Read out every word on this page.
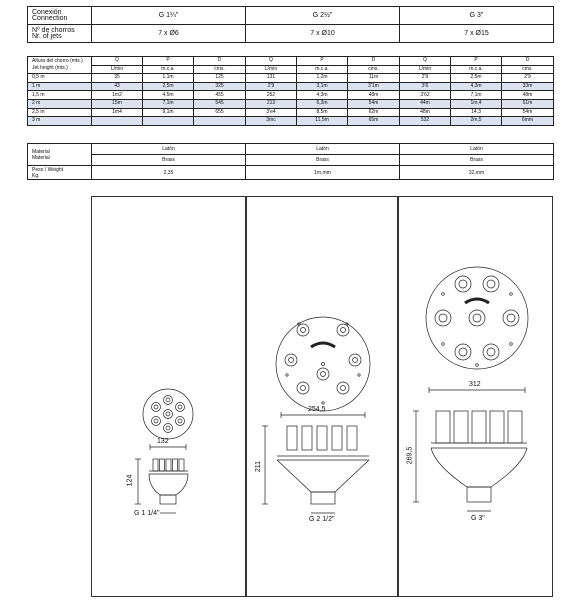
Conexión
Connection	G 1¼"	G 2½"	G 3"
Nº de chorros
Nr. of jets	7 x Ø6	7 x Ø10	7 x Ø15
Altura del chorro (mts.)
Jet height (mts.)	Q	P	D	Q	P	D	Q	P	D
	L/min	m.c.a.	cms.	L/min	m.c.a.	cms.	L/min	m.c.a.	cms.
0,5 m	35	1,1m	125	131	1,2m	11m	2'9	2,5m	2'9
1 m	43	2,5m	325	2'9	3,1m	3'1m	3'6	4,3m	33m
1,5 m	1m2	4,5m	455	252	4,3m	48m	3'62	7,1m	48m
2 m	15m	7,1m	545	213	6,3m	54m	44m	1m,4	51m
2,5 m	1m4	9,1m	655	3'e4	8,5m	62m	48m	14,3	54m
3 m				3mc	11,5m	65m	532	2m,5	6mm
Material
Material	Latón	Latón	Latón
	Brass	Brass	Brass
Peso / Weight
Kg.	2,35	1m,mm	32,mm
132
124
G 1 1/4"
254,5
211
G 2 1/2"
312
269,5
G 3"
